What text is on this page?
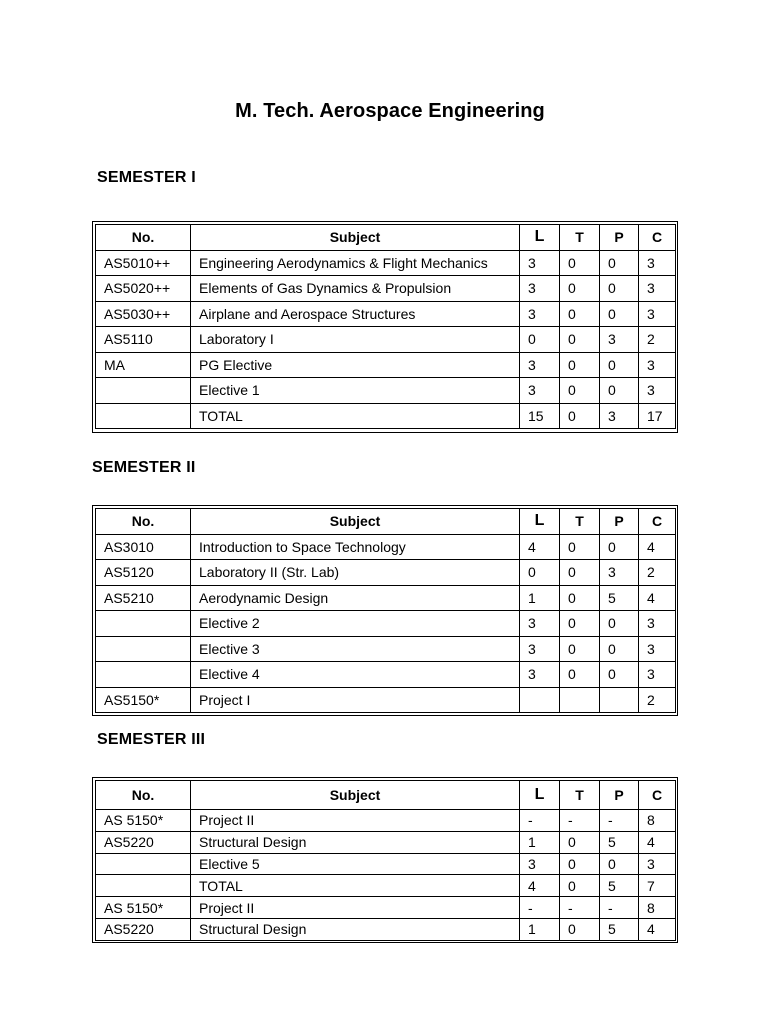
M. Tech. Aerospace Engineering
SEMESTER I
No.	Subject	L	T	P	C
AS5010++	Engineering Aerodynamics & Flight Mechanics	3	0	0	3
AS5020++	Elements of Gas Dynamics & Propulsion	3	0	0	3
AS5030++	Airplane and Aerospace Structures	3	0	0	3
AS5110	Laboratory I	0	0	3	2
MA	PG Elective	3	0	0	3
	Elective 1	3	0	0	3
	TOTAL	15	0	3	17
SEMESTER II
No.	Subject	L	T	P	C
AS3010	Introduction to Space Technology	4	0	0	4
AS5120	Laboratory II (Str. Lab)	0	0	3	2
AS5210	Aerodynamic Design	1	0	5	4
	Elective 2	3	0	0	3
	Elective 3	3	0	0	3
	Elective 4	3	0	0	3
AS5150*	Project I				2
SEMESTER III
No.	Subject	L	T	P	C
AS 5150*	Project II	-	-	-	8
AS5220	Structural Design	1	0	5	4
	Elective 5	3	0	0	3
	TOTAL	4	0	5	7
AS 5150*	Project II	-	-	-	8
AS5220	Structural Design	1	0	5	4
